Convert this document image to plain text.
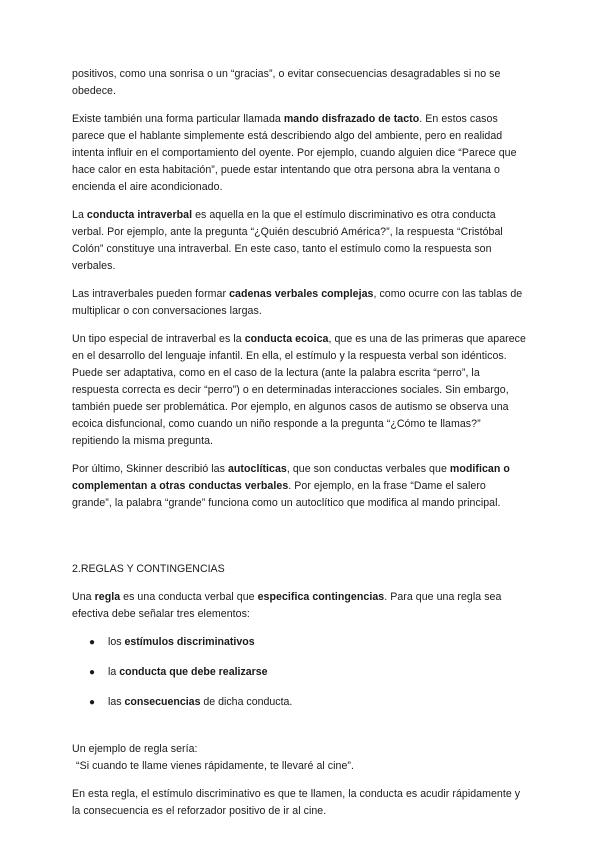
positivos, como una sonrisa o un “gracias”, o evitar consecuencias desagradables si no se obedece.

Existe también una forma particular llamada mando disfrazado de tacto. En estos casos parece que el hablante simplemente está describiendo algo del ambiente, pero en realidad intenta influir en el comportamiento del oyente. Por ejemplo, cuando alguien dice “Parece que hace calor en esta habitación”, puede estar intentando que otra persona abra la ventana o encienda el aire acondicionado.

La conducta intraverbal es aquella en la que el estímulo discriminativo es otra conducta verbal. Por ejemplo, ante la pregunta “¿Quién descubrió América?”, la respuesta “Cristóbal Colón” constituye una intraverbal. En este caso, tanto el estímulo como la respuesta son verbales.

Las intraverbales pueden formar cadenas verbales complejas, como ocurre con las tablas de multiplicar o con conversaciones largas.

Un tipo especial de intraverbal es la conducta ecoica, que es una de las primeras que aparece en el desarrollo del lenguaje infantil. En ella, el estímulo y la respuesta verbal son idénticos. Puede ser adaptativa, como en el caso de la lectura (ante la palabra escrita “perro”, la respuesta correcta es decir “perro”) o en determinadas interacciones sociales. Sin embargo, también puede ser problemática. Por ejemplo, en algunos casos de autismo se observa una ecoica disfuncional, como cuando un niño responde a la pregunta “¿Cómo te llamas?” repitiendo la misma pregunta.

Por último, Skinner describió las autoclíticas, que son conductas verbales que modifican o complementan a otras conductas verbales. Por ejemplo, en la frase “Dame el salero grande”, la palabra “grande” funciona como un autoclítico que modifica al mando principal.

2.REGLAS Y CONTINGENCIAS

Una regla es una conducta verbal que especifica contingencias. Para que una regla sea efectiva debe señalar tres elementos:

● los estímulos discriminativos
● la conducta que debe realizarse
● las consecuencias de dicha conducta.

Un ejemplo de regla sería:
“Si cuando te llame vienes rápidamente, te llevaré al cine”.

En esta regla, el estímulo discriminativo es que te llamen, la conducta es acudir rápidamente y la consecuencia es el reforzador positivo de ir al cine.
